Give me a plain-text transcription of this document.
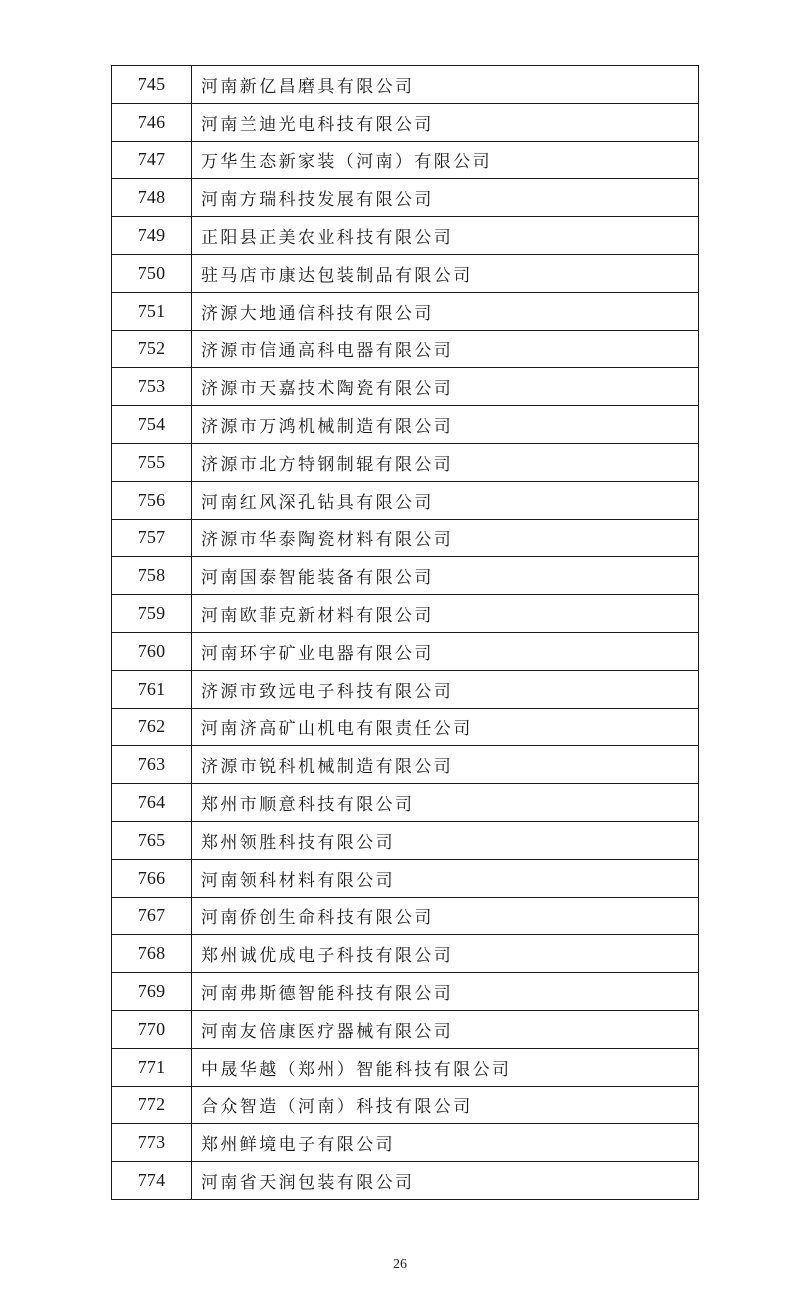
745	河南新亿昌磨具有限公司
746	河南兰迪光电科技有限公司
747	万华生态新家装（河南）有限公司
748	河南方瑞科技发展有限公司
749	正阳县正美农业科技有限公司
750	驻马店市康达包装制品有限公司
751	济源大地通信科技有限公司
752	济源市信通高科电器有限公司
753	济源市天嘉技术陶瓷有限公司
754	济源市万鸿机械制造有限公司
755	济源市北方特钢制辊有限公司
756	河南红风深孔钻具有限公司
757	济源市华泰陶瓷材料有限公司
758	河南国泰智能装备有限公司
759	河南欧菲克新材料有限公司
760	河南环宇矿业电器有限公司
761	济源市致远电子科技有限公司
762	河南济高矿山机电有限责任公司
763	济源市锐科机械制造有限公司
764	郑州市顺意科技有限公司
765	郑州领胜科技有限公司
766	河南领科材料有限公司
767	河南侨创生命科技有限公司
768	郑州诚优成电子科技有限公司
769	河南弗斯德智能科技有限公司
770	河南友倍康医疗器械有限公司
771	中晟华越（郑州）智能科技有限公司
772	合众智造（河南）科技有限公司
773	郑州鲜境电子有限公司
774	河南省天润包装有限公司
26
